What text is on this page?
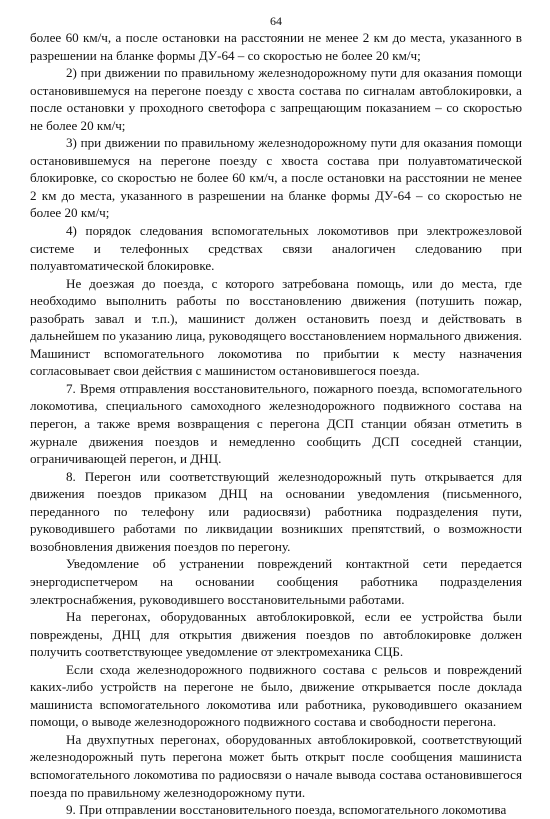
64

более 60 км/ч, а после остановки на расстоянии не менее 2 км до места, указанного в разрешении на бланке формы ДУ-64 – со скоростью не более 20 км/ч;

2) при движении по правильному железнодорожному пути для оказания помощи остановившемуся на перегоне поезду с хвоста состава по сигналам автоблокировки, а после остановки у проходного светофора с запрещающим показанием – со скоростью не более 20 км/ч;

3) при движении по правильному железнодорожному пути для оказания помощи остановившемуся на перегоне поезду с хвоста состава при полуавтоматической блокировке, со скоростью не более 60 км/ч, а после остановки на расстоянии не менее 2 км до места, указанного в разрешении на бланке формы ДУ-64 – со скоростью не более 20 км/ч;

4) порядок следования вспомогательных локомотивов при электрожезловой системе и телефонных средствах связи аналогичен следованию при полуавтоматической блокировке.

Не доезжая до поезда, с которого затребована помощь, или до места, где необходимо выполнить работы по восстановлению движения (потушить пожар, разобрать завал и т.п.), машинист должен остановить поезд и действовать в дальнейшем по указанию лица, руководящего восстановлением нормального движения. Машинист вспомогательного локомотива по прибытии к месту назначения согласовывает свои действия с машинистом остановившегося поезда.

7. Время отправления восстановительного, пожарного поезда, вспомогательного локомотива, специального самоходного железнодорожного подвижного состава на перегон, а также время возвращения с перегона ДСП станции обязан отметить в журнале движения поездов и немедленно сообщить ДСП соседней станции, ограничивающей перегон, и ДНЦ.

8. Перегон или соответствующий железнодорожный путь открывается для движения поездов приказом ДНЦ на основании уведомления (письменного, переданного по телефону или радиосвязи) работника подразделения пути, руководившего работами по ликвидации возникших препятствий, о возможности возобновления движения поездов по перегону.

Уведомление об устранении повреждений контактной сети передается энергодиспетчером на основании сообщения работника подразделения электроснабжения, руководившего восстановительными работами.

На перегонах, оборудованных автоблокировкой, если ее устройства были повреждены, ДНЦ для открытия движения поездов по автоблокировке должен получить соответствующее уведомление от электромеханика СЦБ.

Если схода железнодорожного подвижного состава с рельсов и повреждений каких-либо устройств на перегоне не было, движение открывается после доклада машиниста вспомогательного локомотива или работника, руководившего оказанием помощи, о выводе железнодорожного подвижного состава и свободности перегона.

На двухпутных перегонах, оборудованных автоблокировкой, соответствующий железнодорожный путь перегона может быть открыт после сообщения машиниста вспомогательного локомотива по радиосвязи о начале вывода состава остановившегося поезда по правильному железнодорожному пути.

9. При отправлении восстановительного поезда, вспомогательного локомотива
